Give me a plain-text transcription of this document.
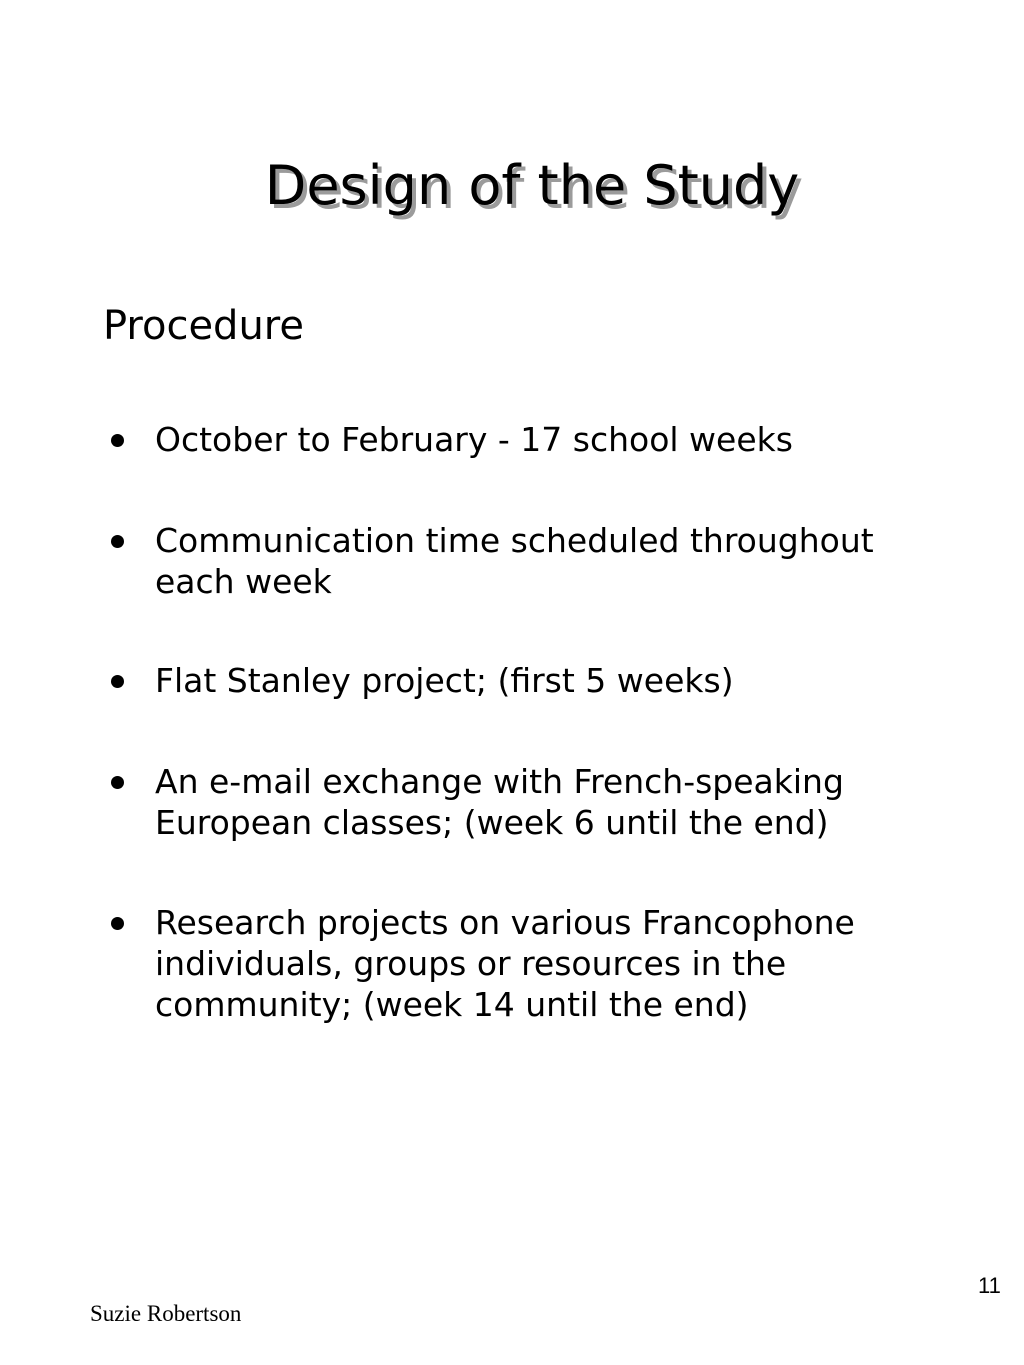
Design of the Study
Procedure
October to February - 17 school weeks
Communication time scheduled throughout each week
Flat Stanley project; (first 5 weeks)
An e-mail exchange with French-speaking European classes; (week 6 until the end)
Research projects on various Francophone individuals, groups or resources in the community; (week 14 until the end)
11
Suzie Robertson
